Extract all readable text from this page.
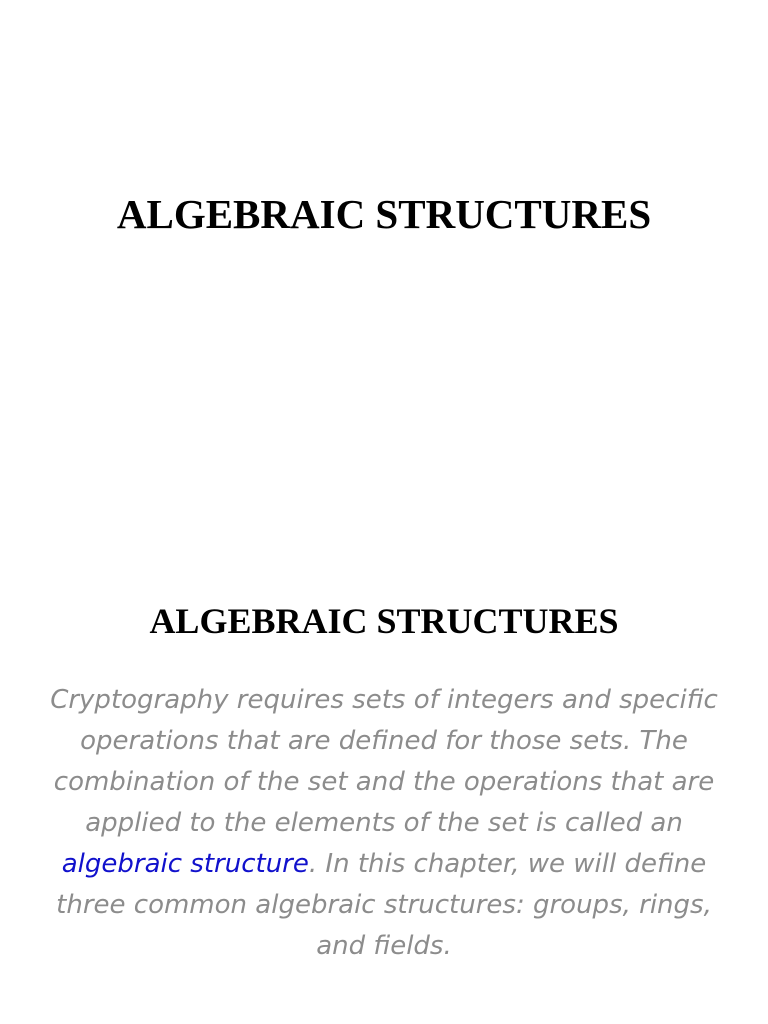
ALGEBRAIC STRUCTURES
ALGEBRAIC STRUCTURES

Cryptography requires sets of integers and specific operations that are defined for those sets. The combination of the set and the operations that are applied to the elements of the set is called an algebraic structure. In this chapter, we will define three common algebraic structures: groups, rings, and fields.
